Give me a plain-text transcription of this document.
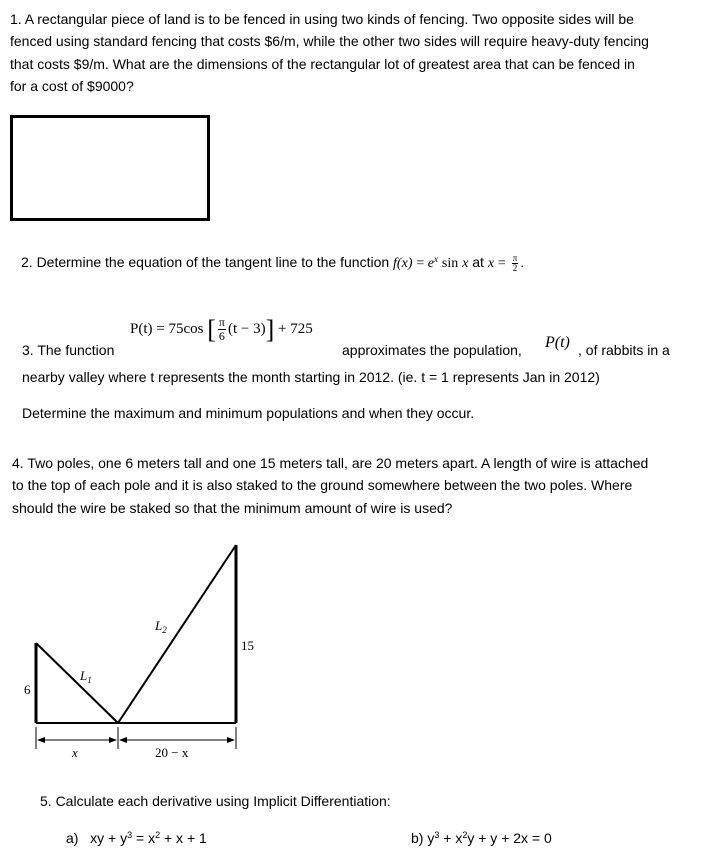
1. A rectangular piece of land is to be fenced in using two kinds of fencing. Two opposite sides will be
fenced using standard fencing that costs $6/m, while the other two sides will require heavy-duty fencing
that costs $9/m. What are the dimensions of the rectangular lot of greatest area that can be fenced in
for a cost of $9000?
2. Determine the equation of the tangent line to the function $f(x) = e^x$ sin x at $x = \frac{\pi}{2}$ .
P(t) = 75cos [ $\frac{\pi}{6} (t - 3)] + 725$
3. The function	approximates the population, P(t) , of rabbits in a
nearby valley where t represents the month starting in 2012. (ie. t = 1 represents Jan in 2012)
Determine the maximum and minimum populations and when they occur.
4. Two poles, one 6 meters tall and one 15 meters tall, are 20 meters apart. A length of wire is attached
to the top of each pole and it is also staked to the ground somewhere between the two poles. Where
should the wire be staked so that the minimum amount of wire is used?
$L_1$
$L_2$
15
6
x	20 − x
5. Calculate each derivative using Implicit Differentiation:
a) xy + $y^3 = x^2 + x + 1$	b) $y^3 + x^2y + y + 2x = 0$
